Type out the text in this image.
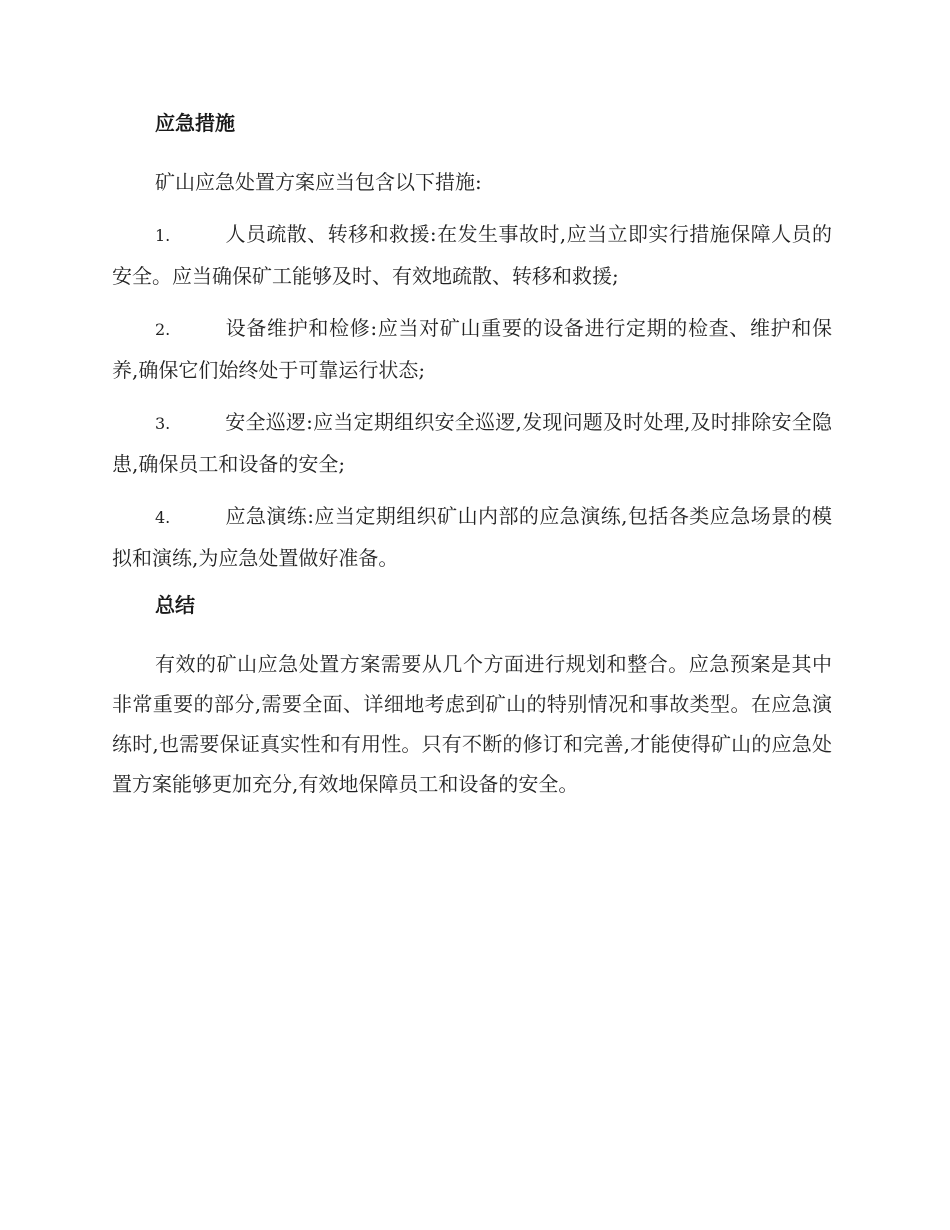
应急措施

矿山应急处置方案应当包含以下措施:

1.	人员疏散、转移和救援:在发生事故时,应当立即实行措施保障人员的安全。应当确保矿工能够及时、有效地疏散、转移和救援;
2.	设备维护和检修:应当对矿山重要的设备进行定期的检查、维护和保养,确保它们始终处于可靠运行状态;
3.	安全巡逻:应当定期组织安全巡逻,发现问题及时处理,及时排除安全隐患,确保员工和设备的安全;
4.	应急演练:应当定期组织矿山内部的应急演练,包括各类应急场景的模拟和演练,为应急处置做好准备。
总结

有效的矿山应急处置方案需要从几个方面进行规划和整合。应急预案是其中非常重要的部分,需要全面、详细地考虑到矿山的特别情况和事故类型。在应急演练时,也需要保证真实性和有用性。只有不断的修订和完善,才能使得矿山的应急处置方案能够更加充分,有效地保障员工和设备的安全。
